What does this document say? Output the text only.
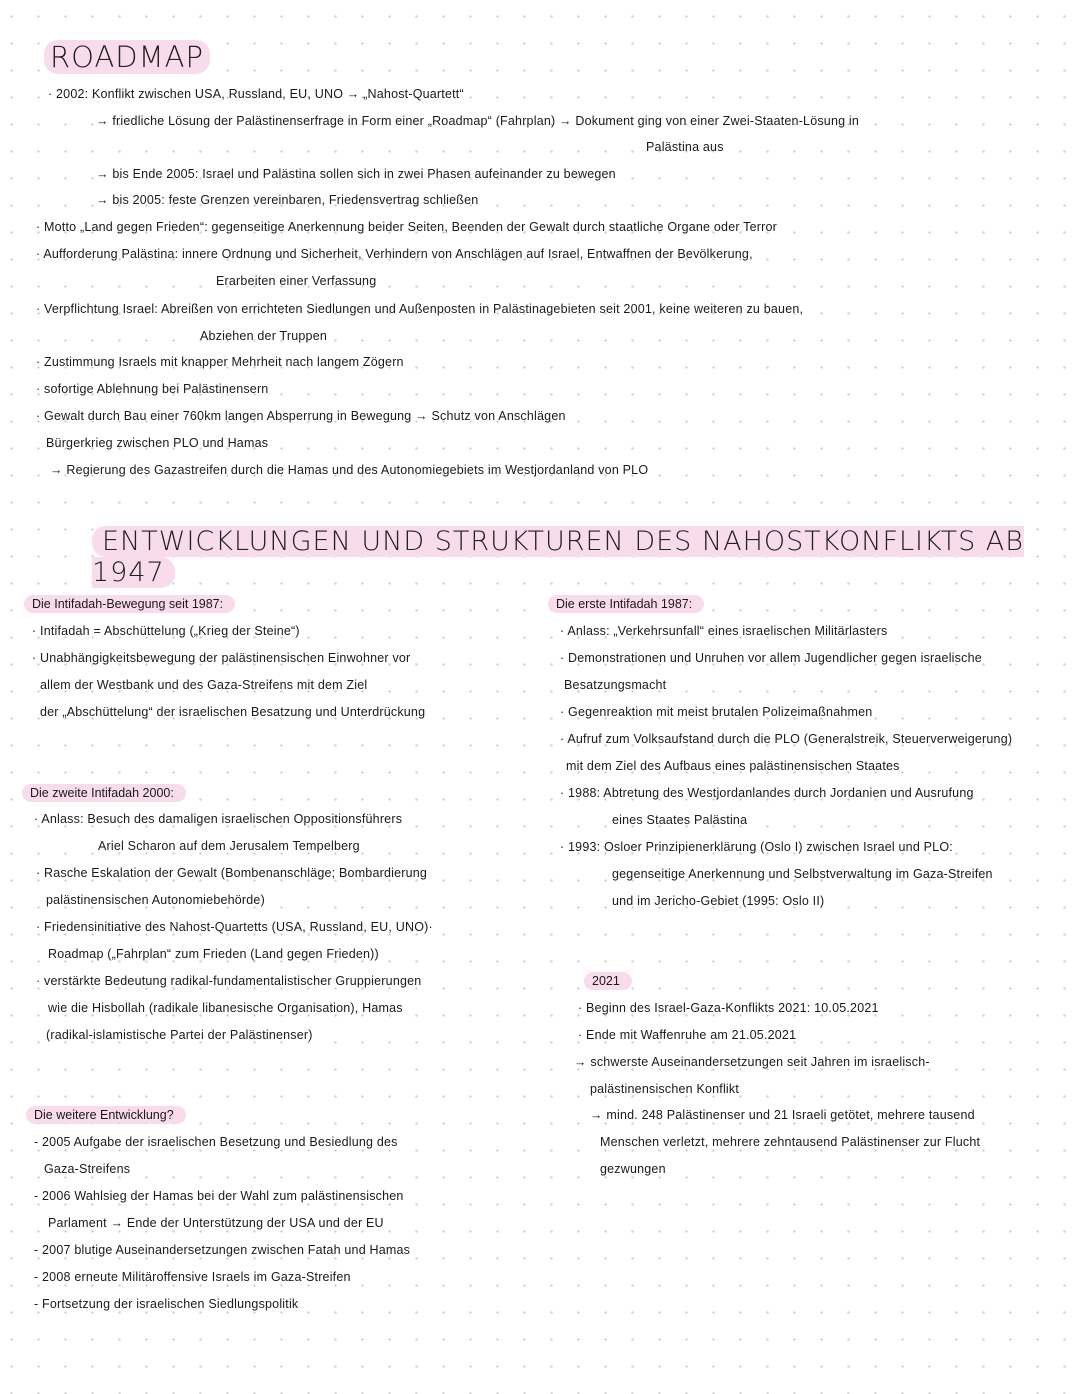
ROADMAP
· 2002: Konflikt zwischen USA, Russland, EU, UNO → „Nahost-Quartett“
→ friedliche Lösung der Palästinenserfrage in Form einer „Roadmap“ (Fahrplan) → Dokument ging von einer Zwei-Staaten-Lösung in
Palästina aus
→ bis Ende 2005: Israel und Palästina sollen sich in zwei Phasen aufeinander zu bewegen
→ bis 2005: feste Grenzen vereinbaren, Friedensvertrag schließen
· Motto „Land gegen Frieden“: gegenseitige Anerkennung beider Seiten, Beenden der Gewalt durch staatliche Organe oder Terror
· Aufforderung Palästina: innere Ordnung und Sicherheit, Verhindern von Anschlägen auf Israel, Entwaffnen der Bevölkerung,
Erarbeiten einer Verfassung
· Verpflichtung Israel: Abreißen von errichteten Siedlungen und Außenposten in Palästinagebieten seit 2001, keine weiteren zu bauen,
Abziehen der Truppen
· Zustimmung Israels mit knapper Mehrheit nach langem Zögern
· sofortige Ablehnung bei Palästinensern
· Gewalt durch Bau einer 760km langen Absperrung in Bewegung → Schutz von Anschlägen
Bürgerkrieg zwischen PLO und Hamas
→ Regierung des Gazastreifen durch die Hamas und des Autonomiegebiets im Westjordanland von PLO
ENTWICKLUNGEN UND STRUKTUREN DES NAHOSTKONFLIKTS AB 1947
Die Intifadah-Bewegung seit 1987:
· Intifadah = Abschüttelung („Krieg der Steine“)
· Unabhängigkeitsbewegung der palästinensischen Einwohner vor
allem der Westbank und des Gaza-Streifens mit dem Ziel
der „Abschüttelung“ der israelischen Besatzung und Unterdrückung
Die zweite Intifadah 2000:
· Anlass: Besuch des damaligen israelischen Oppositionsführers
Ariel Scharon auf dem Jerusalem Tempelberg
· Rasche Eskalation der Gewalt (Bombenanschläge; Bombardierung
palästinensischen Autonomiebehörde)
· Friedensinitiative des Nahost-Quartetts (USA, Russland, EU, UNO)·
Roadmap („Fahrplan“ zum Frieden (Land gegen Frieden))
· verstärkte Bedeutung radikal-fundamentalistischer Gruppierungen
wie die Hisbollah (radikale libanesische Organisation), Hamas
(radikal-islamistische Partei der Palästinenser)
Die weitere Entwicklung?
- 2005 Aufgabe der israelischen Besetzung und Besiedlung des
Gaza-Streifens
- 2006 Wahlsieg der Hamas bei der Wahl zum palästinensischen
Parlament → Ende der Unterstützung der USA und der EU
- 2007 blutige Auseinandersetzungen zwischen Fatah und Hamas
- 2008 erneute Militäroffensive Israels im Gaza-Streifen
- Fortsetzung der israelischen Siedlungspolitik
Die erste Intifadah 1987:
· Anlass: „Verkehrsunfall“ eines israelischen Militärlasters
· Demonstrationen und Unruhen vor allem Jugendlicher gegen israelische
Besatzungsmacht
· Gegenreaktion mit meist brutalen Polizeimaßnahmen
· Aufruf zum Volksaufstand durch die PLO (Generalstreik, Steuerverweigerung)
mit dem Ziel des Aufbaus eines palästinensischen Staates
· 1988: Abtretung des Westjordanlandes durch Jordanien und Ausrufung
eines Staates Palästina
· 1993: Osloer Prinzipienerklärung (Oslo I) zwischen Israel und PLO:
gegenseitige Anerkennung und Selbstverwaltung im Gaza-Streifen
und im Jericho-Gebiet (1995: Oslo II)
2021
· Beginn des Israel-Gaza-Konflikts 2021: 10.05.2021
· Ende mit Waffenruhe am 21.05.2021
→ schwerste Auseinandersetzungen seit Jahren im israelisch-
palästinensischen Konflikt
→ mind. 248 Palästinenser und 21 Israeli getötet, mehrere tausend
Menschen verletzt, mehrere zehntausend Palästinenser zur Flucht
gezwungen
